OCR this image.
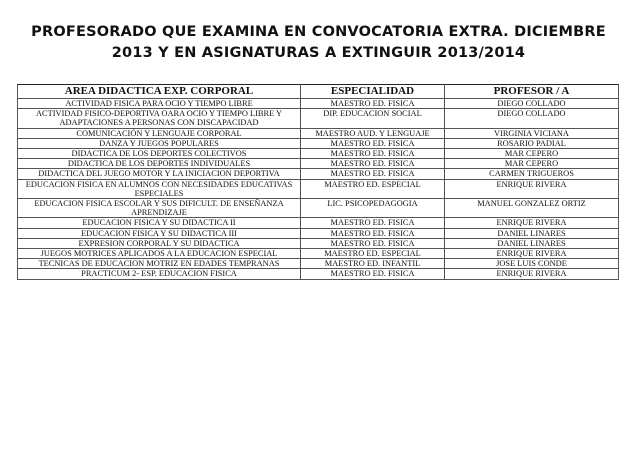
PROFESORADO QUE EXAMINA EN CONVOCATORIA EXTRA. DICIEMBRE
2013 Y EN ASIGNATURAS A EXTINGUIR 2013/2014
AREA DIDACTICA EXP. CORPORAL	ESPECIALIDAD	PROFESOR / A
ACTIVIDAD FISICA PARA OCIO Y TIEMPO LIBRE	MAESTRO ED. FISICA	DIEGO COLLADO
ACTIVIDAD FISICO-DEPORTIVA OARA OCIO Y TIEMPO LIBRE Y ADAPTACIONES A PERSONAS CON DISCAPACIDAD	DIP. EDUCACION SOCIAL	DIEGO COLLADO
COMUNICACIÓN Y LENGUAJE CORPORAL	MAESTRO AUD. Y LENGUAJE	VIRGINIA VICIANA
DANZA Y JUEGOS POPULARES	MAESTRO ED. FISICA	ROSARIO PADIAL
DIDACTICA DE LOS DEPORTES COLECTIVOS	MAESTRO ED. FISICA	MAR CEPERO
DIDACTICA DE LOS DEPORTES INDIVIDUALES	MAESTRO ED. FISICA	MAR CEPERO
DIDACTICA DEL JUEGO MOTOR Y LA INICIACION DEPORTIVA	MAESTRO ED. FISICA	CARMEN TRIGUEROS
EDUCACION FISICA EN ALUMNOS CON NECESIDADES EDUCATIVAS ESPECIALES	MAESTRO ED. ESPECIAL	ENRIQUE RIVERA
EDUCACION FISICA ESCOLAR Y SUS DIFICULT. DE ENSEÑANZA APRENDIZAJE	LIC. PSICOPEDAGOGIA	MANUEL GONZALEZ ORTIZ
EDUCACION FISICA Y SU DIDACTICA II	MAESTRO ED. FISICA	ENRIQUE RIVERA
EDUCACION FISICA Y SU DIDACTICA III	MAESTRO ED. FISICA	DANIEL LINARES
EXPRESION CORPORAL Y SU DIDACTICA	MAESTRO ED. FISICA	DANIEL LINARES
JUEGOS MOTRICES APLICADOS A LA EDUCACION ESPECIAL	MAESTRO ED. ESPECIAL	ENRIQUE RIVERA
TECNICAS DE EDUCACION MOTRIZ EN EDADES TEMPRANAS	MAESTRO ED. INFANTIL	JOSE LUIS CONDE
PRACTICUM 2- ESP. EDUCACION FISICA	MAESTRO ED. FISICA	ENRIQUE RIVERA
